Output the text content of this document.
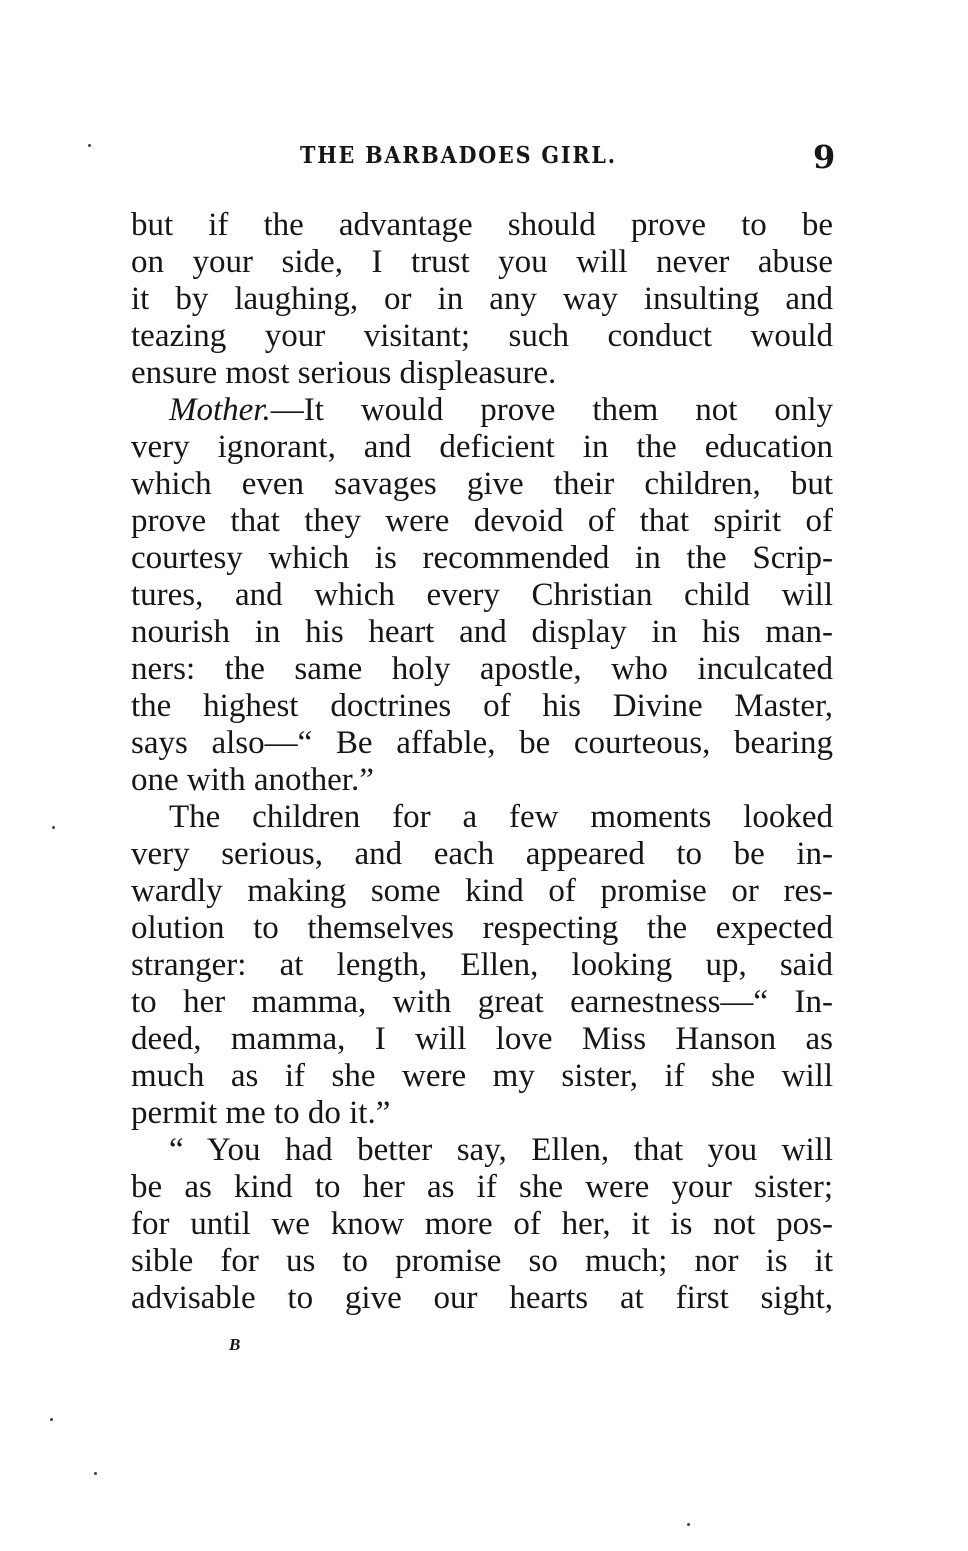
THE BARBADOES GIRL.	9
but if the advantage should prove to be
on your side, I trust you will never abuse
it by laughing, or in any way insulting and
teazing your visitant; such conduct would
ensure most serious displeasure.
Mother.—It would prove them not only
very ignorant, and deficient in the education
which even savages give their children, but
prove that they were devoid of that spirit of
courtesy which is recommended in the Scrip-
tures, and which every Christian child will
nourish in his heart and display in his man-
ners: the same holy apostle, who inculcated
the highest doctrines of his Divine Master,
says also—“ Be affable, be courteous, bearing
one with another.”
The children for a few moments looked
very serious, and each appeared to be in-
wardly making some kind of promise or res-
olution to themselves respecting the expected
stranger: at length, Ellen, looking up, said
to her mamma, with great earnestness—“ In-
deed, mamma, I will love Miss Hanson as
much as if she were my sister, if she will
permit me to do it.”
“ You had better say, Ellen, that you will
be as kind to her as if she were your sister;
for until we know more of her, it is not pos-
sible for us to promise so much; nor is it
advisable to give our hearts at first sight,
B
